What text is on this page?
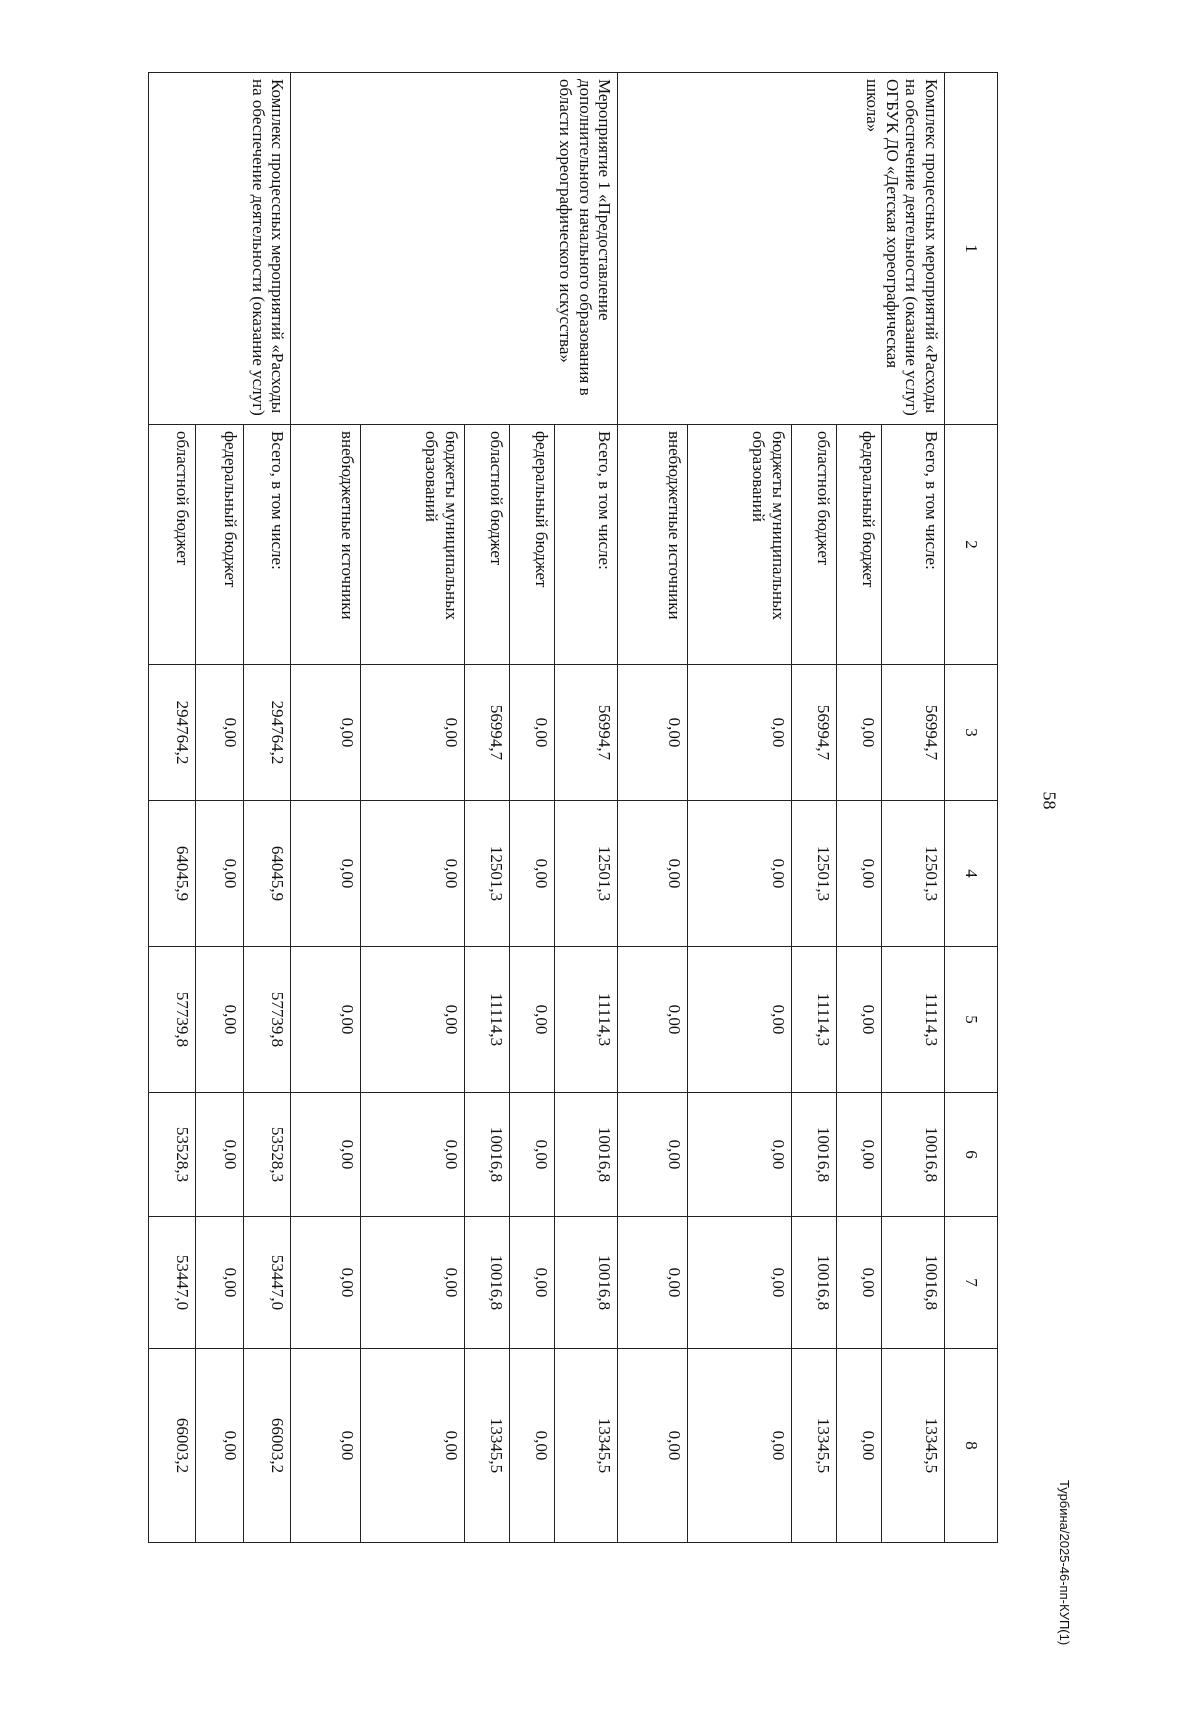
58
1	2	3	4	5	6	7	8
Комплекс процессных мероприятий «Расходы на обеспечение деятельности (оказание услуг) ОГБУК ДО «Детская хореографическая школа»	Всего, в том числе:	56994,7	12501,3	11114,3	10016,8	10016,8	13345,5
	федеральный бюджет	0,00	0,00	0,00	0,00	0,00	0,00
	областной бюджет	56994,7	12501,3	11114,3	10016,8	10016,8	13345,5
	бюджеты муниципальных образований	0,00	0,00	0,00	0,00	0,00	0,00
	внебюджетные источники	0,00	0,00	0,00	0,00	0,00	0,00
Мероприятие 1 «Предоставление дополнительного начального образования в области хореографического искусства»	Всего, в том числе:	56994,7	12501,3	11114,3	10016,8	10016,8	13345,5
	федеральный бюджет	0,00	0,00	0,00	0,00	0,00	0,00
	областной бюджет	56994,7	12501,3	11114,3	10016,8	10016,8	13345,5
	бюджеты муниципальных образований	0,00	0,00	0,00	0,00	0,00	0,00
	внебюджетные источники	0,00	0,00	0,00	0,00	0,00	0,00
Комплекс процессных мероприятий «Расходы на обеспечение деятельности (оказание услуг)	Всего, в том числе:	294764,2	64045,9	57739,8	53528,3	53447,0	66003,2
	федеральный бюджет	0,00	0,00	0,00	0,00	0,00	0,00
	областной бюджет	294764,2	64045,9	57739,8	53528,3	53447,0	66003,2
Турбина/2025-46-пп-КУП(1)
